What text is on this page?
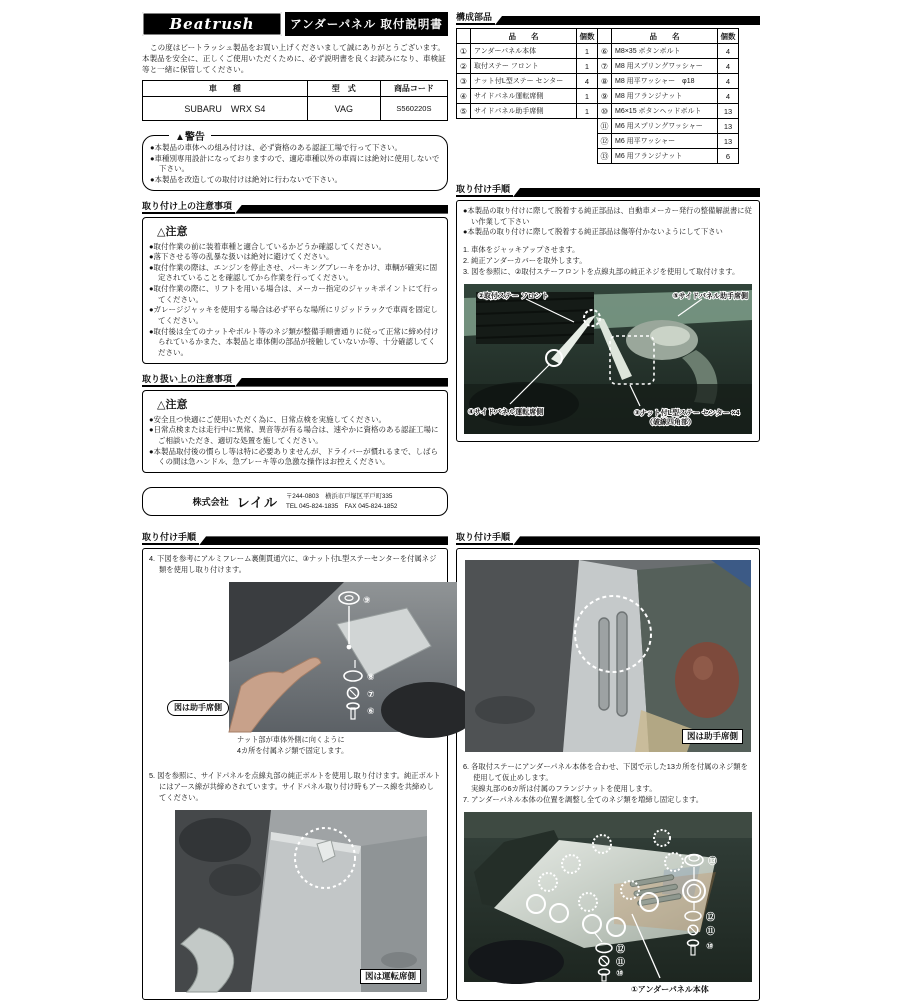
Beatrush	アンダーパネル 取付説明書
この度はビートラッシュ製品をお買い上げくださいまして誠にありがとうございます。
本製品を安全に、正しくご使用いただくために、必ず説明書を良くお読みになり、車検証等と一緒に保管してください。
車　　種	型　式	商品コード
SUBARU　WRX S4	VAG	S560220S
▲警告
●本製品の車体への組み付けは、必ず資格のある認証工場で行って下さい。
●車種別専用設計になっておりますので、適応車種以外の車両には絶対に使用しないで下さい。
●本製品を改造しての取付けは絶対に行わないで下さい。
取り付け上の注意事項
△注意
●取付作業の前に装着車種と適合しているかどうか確認してください。
●落下させる等の乱暴な扱いは絶対に避けてください。
●取付作業の際は、エンジンを停止させ、パーキングブレーキをかけ、車輌が確実に固定されていることを確認してから作業を行ってください。
●取付作業の際に、リフトを用いる場合は、メーカー指定のジャッキポイントにて行ってください。
●ガレージジャッキを使用する場合は必ず平らな場所にリジッドラックで車両を固定してください。
●取付後は全てのナットやボルト等のネジ類が整備手順書通りに従って正常に締め付けられているかまた、本製品と車体側の部品が接触していないか等、十分確認してください。
取り扱い上の注意事項
△注意
●安全且つ快適にご使用いただく為に、日常点検を実施してください。
●日常点検または走行中に異常、異音等が有る場合は、速やかに資格のある認証工場にご相談いただき、適切な処置を施してください。
●本製品取付後の慣らし等は特に必要ありませんが、ドライバーが慣れるまで、しばらくの間は急ハンドル、急ブレーキ等の急激な操作はお控えください。
株式会社 レイル 〒244-0803　横浜市戸塚区平戸町335
TEL 045-824-1835　FAX 045-824-1852
構成部品
	品　　名	個数
①	アンダーパネル本体	1
②	取付ステー フロント	1
③	ナット付L型ステー センター	4
④	サイドパネル運転席側	1
⑤	サイドパネル助手席側	1
	品　　名	個数
⑥	M8×35 ボタンボルト	4
⑦	M8 用スプリングワッシャー	4
⑧	M8 用平ワッシャー　φ18	4
⑨	M8 用フランジナット	4
⑩	M6×15 ボタンヘッドボルト	13
⑪	M6 用スプリングワッシャー	13
⑫	M6 用平ワッシャー	13
⑬	M6 用フランジナット	6
取り付け手順

●本製品の取り付けに際して脱着する純正部品は、自動車メーカー発行の整備解説書に従い作業して下さい

●本製品の取り付けに際して脱着する純正部品は傷等付かないようにして下さい

1. 車体をジャッキアップさせます。

2. 純正アンダーカバーを取外します。

3. 図を参照に、②取付ステーフロントを点線丸部の純正ネジを使用して取付けます。

②取付ステー フロント	⑤サイドパネル助手席側
④サイドパネル運転席側	③ナット付L型ステー センター ×4
（破線四角部）
取り付け手順

4. 下図を参考にアルミフレーム裏側貫通穴に、③ナット付L型ステーセンターを付属ネジ類を使用し取り付けます。

⑨
⑧
⑦
⑥
図は助手席側
ナット部が車体外側に向くように
4カ所を付属ネジ類で固定します。

5. 図を参照に、サイドパネルを点線丸部の純正ボルトを使用し取り付けます。純正ボルトにはアース線が共締めされています。サイドパネル取り付け時もアース線を共締めしてください。

図は運転席側
取り付け手順
図は助手席側

6. 各取付ステーにアンダーパネル本体を合わせ、下図で示した13カ所を付属のネジ類を使用して仮止めします。

実線丸部の6カ所は付属のフランジナットを使用します。

7. アンダーパネル本体の位置を調整し全てのネジ類を増締し固定します。

⑬
⑫
⑪
⑩
⑫
⑪
⑩
①アンダーパネル本体
